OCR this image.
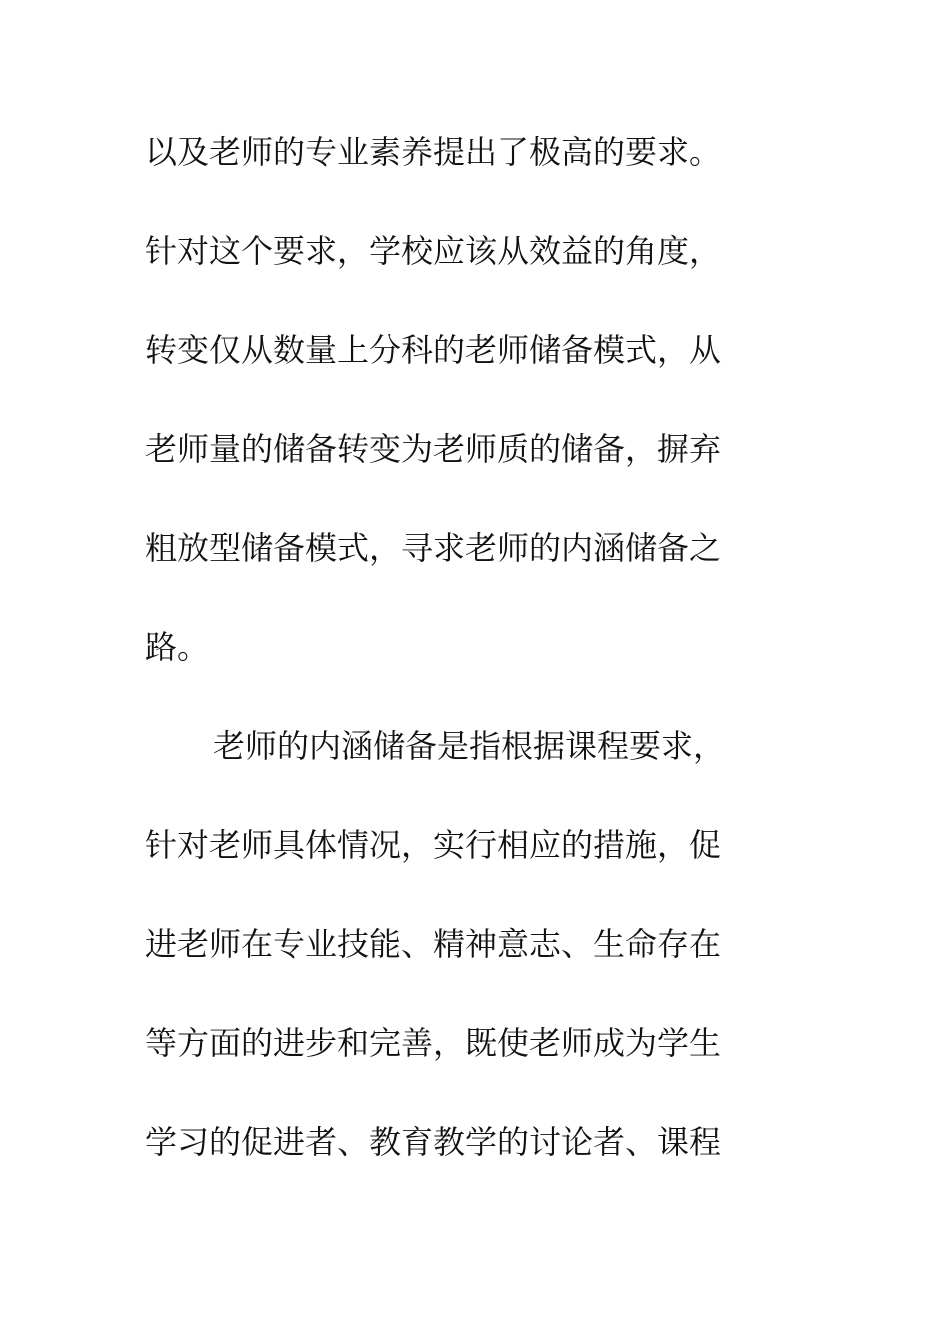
以及老师的专业素养提出了极高的要求。
针对这个要求，学校应该从效益的角度，
转变仅从数量上分科的老师储备模式，从
老师量的储备转变为老师质的储备，摒弃
粗放型储备模式，寻求老师的内涵储备之
路。
老师的内涵储备是指根据课程要求，
针对老师具体情况，实行相应的措施，促
进老师在专业技能、精神意志、生命存在
等方面的进步和完善，既使老师成为学生
学习的促进者、教育教学的讨论者、课程
